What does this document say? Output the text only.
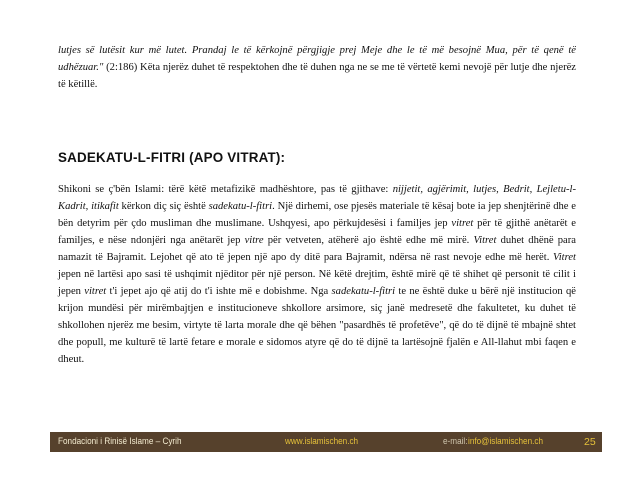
lutjes së lutësit kur më lutet. Prandaj le të kërkojnë përgjigje prej Meje dhe le të më besojnë Mua, për të qenë të udhëzuar." (2:186) Këta njerëz duhet të respektohen dhe të duhen nga ne se me të vërtetë kemi nevojë për lutje dhe njerëz të këtillë.

SADEKATU-L-FITRI (APO VITRAT):

Shikoni se ç'bën Islami: tërë këtë metafizikë madhështore, pas të gjithave: nijjetit, agjërimit, lutjes, Bedrit, Lejletu-l-Kadrit, itikafit kërkon diç siç është sadekatu-l-fitri. Një dirhemi, ose pjesës materiale të kësaj bote ia jep shenjtërinë dhe e bën detyrim për çdo musliman dhe muslimane. Ushqyesi, apo përkujdesësi i familjes jep vitret për të gjithë anëtarët e familjes, e nëse ndonjëri nga anëtarët jep vitre për vetveten, atëherë ajo është edhe më mirë. Vitret duhet dhënë para namazit të Bajramit. Lejohet që ato të jepen një apo dy ditë para Bajramit, ndërsa në rast nevoje edhe më herët. Vitret jepen në lartësi apo sasi të ushqimit njëditor për një person. Në këtë drejtim, është mirë që të shihet që personit të cilit i jepen vitret t'i jepet ajo që atij do t'i ishte më e dobishme. Nga sadekatu-l-fitri te ne është duke u bërë një institucion që krijon mundësi për mirëmbajtjen e institucioneve shkollore arsimore, siç janë medresetë dhe fakultetet, ku duhet të shkollohen njerëz me besim, virtyte të larta morale dhe që bëhen "pasardhës të profetëve", që do të dijnë të mbajnë shtet dhe popull, me kulturë të lartë fetare e morale e sidomos atyre që do të dijnë ta lartësojnë fjalën e All-llahut mbi faqen e dheut.

Fondacioni i Rinisë Islame – Cyrih	www.islamischen.ch	e-mail: info@islamischen.ch	25
